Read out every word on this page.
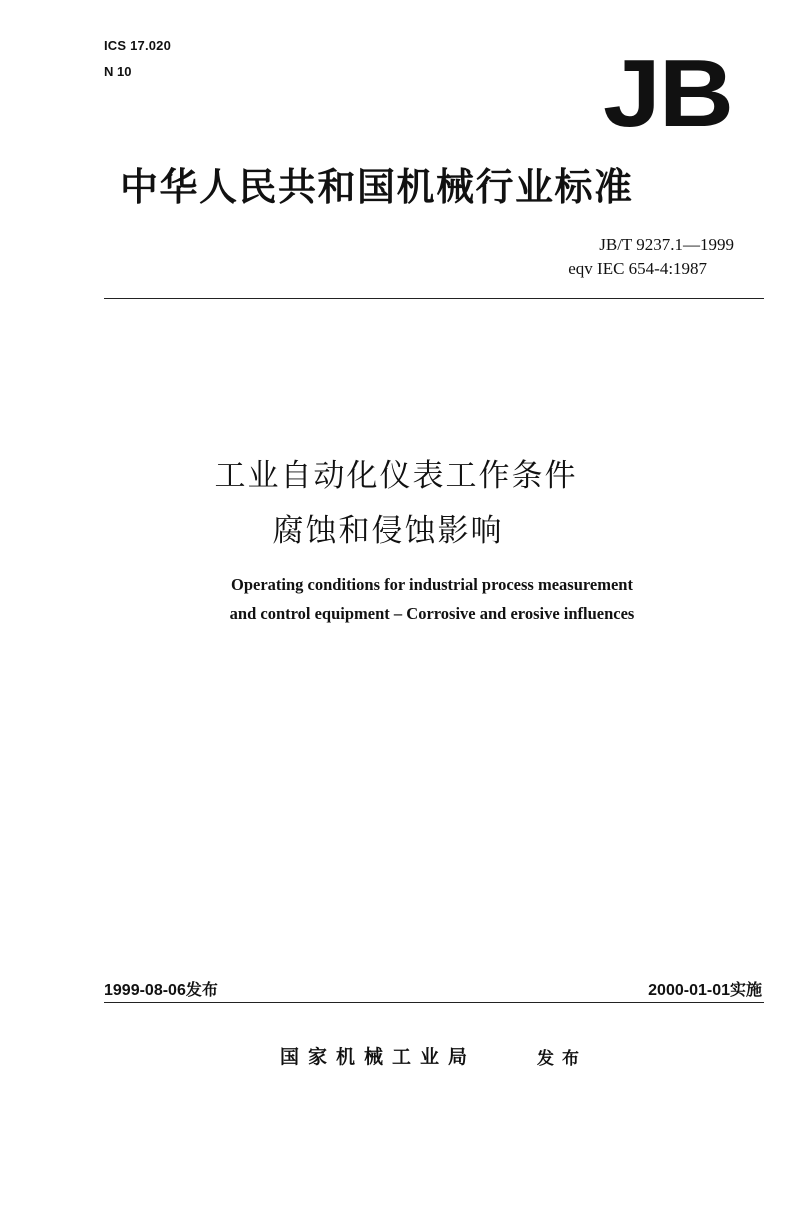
ICS 17.020
N 10	JB
中华人民共和国机械行业标准
JB/T 9237.1—1999
eqv IEC 654-4:1987
工业自动化仪表工作条件
腐蚀和侵蚀影响
Operating conditions for industrial process measurement
and control equipment – Corrosive and erosive influences
1999-08-06发布	2000-01-01实施
国家机械工业局	发布
